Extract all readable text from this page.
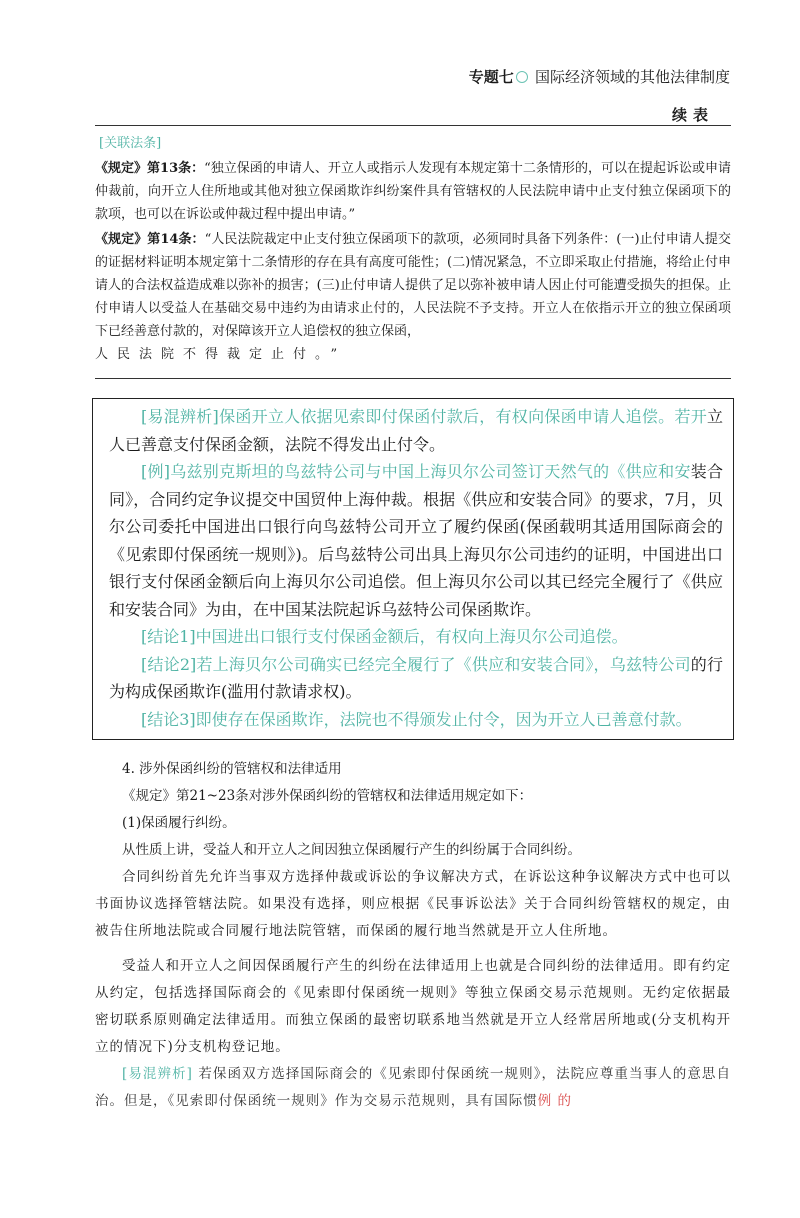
专题七 国际经济领域的其他法律制度
续表
[关联法条]

《规定》第13条：“独立保函的申请人、开立人或指示人发现有本规定第十二条情形的，可以在提起诉讼或申请仲裁前，向开立人住所地或其他对独立保函欺诈纠纷案件具有管辖权的人民法院申请中止支付独立保函项下的款项，也可以在诉讼或仲裁过程中提出申请。”

《规定》第14条：“人民法院裁定中止支付独立保函项下的款项，必须同时具备下列条件：(一)止付申请人提交的证据材料证明本规定第十二条情形的存在具有高度可能性；(二)情况紧急，不立即采取止付措施，将给止付申请人的合法权益造成难以弥补的损害；(三)止付申请人提供了足以弥补被申请人因止付可能遭受损失的担保。止付申请人以受益人在基础交易中违约为由请求止付的，人民法院不予支持。开立人在依指示开立的独立保函项下已经善意付款的，对保障该开立人追偿权的独立保函，

人民法院不得裁定止付。”

[易混辨析]保函开立人依据见索即付保函付款后，有权向保函申请人追偿。若开立人已善意支付保函金额，法院不得发出止付令。

[例]乌兹别克斯坦的鸟兹特公司与中国上海贝尔公司签订天然气的《供应和安装合同》，合同约定争议提交中国贸仲上海仲裁。根据《供应和安装合同》的要求，7月，贝尔公司委托中国进出口银行向鸟兹特公司开立了履约保函(保函载明其适用国际商会的《见索即付保函统一规则》)。后鸟兹特公司出具上海贝尔公司违约的证明，中国进出口银行支付保函金额后向上海贝尔公司追偿。但上海贝尔公司以其已经完全履行了《供应和安装合同》为由，在中国某法院起诉乌兹特公司保函欺诈。

[结论1]中国进出口银行支付保函金额后，有权向上海贝尔公司追偿。

[结论2]若上海贝尔公司确实已经完全履行了《供应和安装合同》，乌兹特公司的行为构成保函欺诈(滥用付款请求权)。

[结论3]即使存在保函欺诈，法院也不得颁发止付令，因为开立人已善意付款。

4. 涉外保函纠纷的管辖权和法律适用

《规定》第21~23条对涉外保函纠纷的管辖权和法律适用规定如下：

(1)保函履行纠纷。

从性质上讲，受益人和开立人之间因独立保函履行产生的纠纷属于合同纠纷。

合同纠纷首先允许当事双方选择仲裁或诉讼的争议解决方式，在诉讼这种争议解决方式中也可以书面协议选择管辖法院。如果没有选择，则应根据《民事诉讼法》关于合同纠纷管辖权的规定，由被告住所地法院或合同履行地法院管辖，而保函的履行地当然就是开立人住所地。

受益人和开立人之间因保函履行产生的纠纷在法律适用上也就是合同纠纷的法律适用。即有约定从约定，包括选择国际商会的《见索即付保函统一规则》等独立保函交易示范规则。无约定依据最密切联系原则确定法律适用。而独立保函的最密切联系地当然就是开立人经常居所地或(分支机构开立的情况下)分支机构登记地。

[易混辨析] 若保函双方选择国际商会的《见索即付保函统一规则》，法院应尊重当事人的意思自治。但是，《见索即付保函统一规则》作为交易示范规则，具有国际惯例 的
